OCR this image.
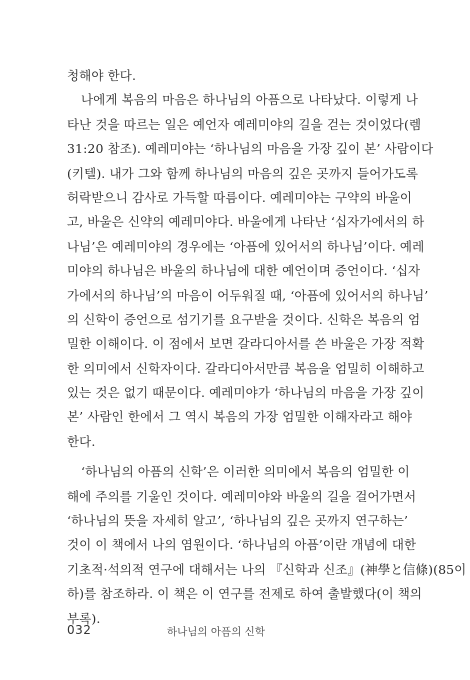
청해야 한다.
나에게 복음의 마음은 하나님의 아픔으로 나타났다. 이렇게 나
타난 것을 따르는 일은 예언자 예레미야의 길을 걷는 것이었다(렘
31:20 참조). 예레미야는 ‘하나님의 마음을 가장 깊이 본’ 사람이다
(키텔). 내가 그와 함께 하나님의 마음의 깊은 곳까지 들어가도록
허락받으니 감사로 가득할 따름이다. 예레미야는 구약의 바울이
고, 바울은 신약의 예레미야다. 바울에게 나타난 ‘십자가에서의 하
나님’은 예레미야의 경우에는 ‘아픔에 있어서의 하나님’이다. 예레
미야의 하나님은 바울의 하나님에 대한 예언이며 증언이다. ‘십자
가에서의 하나님’의 마음이 어두워질 때, ‘아픔에 있어서의 하나님’
의 신학이 증언으로 섬기기를 요구받을 것이다. 신학은 복음의 엄
밀한 이해이다. 이 점에서 보면 갈라디아서를 쓴 바울은 가장 적확
한 의미에서 신학자이다. 갈라디아서만큼 복음을 엄밀히 이해하고
있는 것은 없기 때문이다. 예레미야가 ‘하나님의 마음을 가장 깊이
본’ 사람인 한에서 그 역시 복음의 가장 엄밀한 이해자라고 해야
한다.
‘하나님의 아픔의 신학’은 이러한 의미에서 복음의 엄밀한 이
해에 주의를 기울인 것이다. 예레미야와 바울의 길을 걸어가면서
‘하나님의 뜻을 자세히 알고’, ‘하나님의 깊은 곳까지 연구하는’
것이 이 책에서 나의 염원이다. ‘하나님의 아픔’이란 개념에 대한
기초적·석의적 연구에 대해서는 나의 『신학과 신조』(神學と信條)(85이
하)를 참조하라. 이 책은 이 연구를 전제로 하여 출발했다(이 책의
부록).
032	하나님의 아픔의 신학
